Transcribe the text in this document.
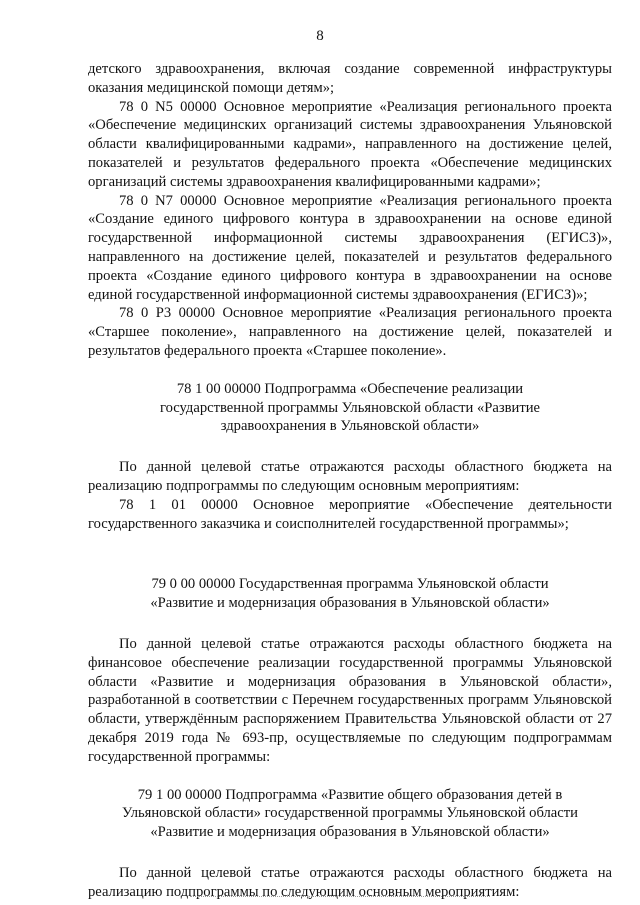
8

детского здравоохранения, включая создание современной инфраструктуры оказания медицинской помощи детям»;

78 0 N5 00000 Основное мероприятие «Реализация регионального проекта «Обеспечение медицинских организаций системы здравоохранения Ульяновской области квалифицированными кадрами», направленного на достижение целей, показателей и результатов федерального проекта «Обеспечение медицинских организаций системы здравоохранения квалифицированными кадрами»;

78 0 N7 00000 Основное мероприятие «Реализация регионального проекта «Создание единого цифрового контура в здравоохранении на основе единой государственной информационной системы здравоохранения (ЕГИСЗ)», направленного на достижение целей, показателей и результатов федерального проекта «Создание единого цифрового контура в здравоохранении на основе единой государственной информационной системы здравоохранения (ЕГИСЗ)»;

78 0 P3 00000 Основное мероприятие «Реализация регионального проекта «Старшее поколение», направленного на достижение целей, показателей и результатов федерального проекта «Старшее поколение».

78 1 00 00000 Подпрограмма «Обеспечение реализации
государственной программы Ульяновской области «Развитие
здравоохранения в Ульяновской области»

По данной целевой статье отражаются расходы областного бюджета на реализацию подпрограммы по следующим основным мероприятиям:

78 1 01 00000 Основное мероприятие «Обеспечение деятельности государственного заказчика и соисполнителей государственной программы»;

79 0 00 00000 Государственная программа Ульяновской области
«Развитие и модернизация образования в Ульяновской области»

По данной целевой статье отражаются расходы областного бюджета на финансовое обеспечение реализации государственной программы Ульяновской области «Развитие и модернизация образования в Ульяновской области», разработанной в соответствии с Перечнем государственных программ Ульяновской области, утверждённым распоряжением Правительства Ульяновской области от 27 декабря 2019 года № 693-пр, осуществляемые по следующим подпрограммам государственной программы:

79 1 00 00000 Подпрограмма «Развитие общего образования детей в
Ульяновской области» государственной программы Ульяновской области
«Развитие и модернизация образования в Ульяновской области»

По данной целевой статье отражаются расходы областного бюджета на реализацию подпрограммы по следующим основным мероприятиям:
